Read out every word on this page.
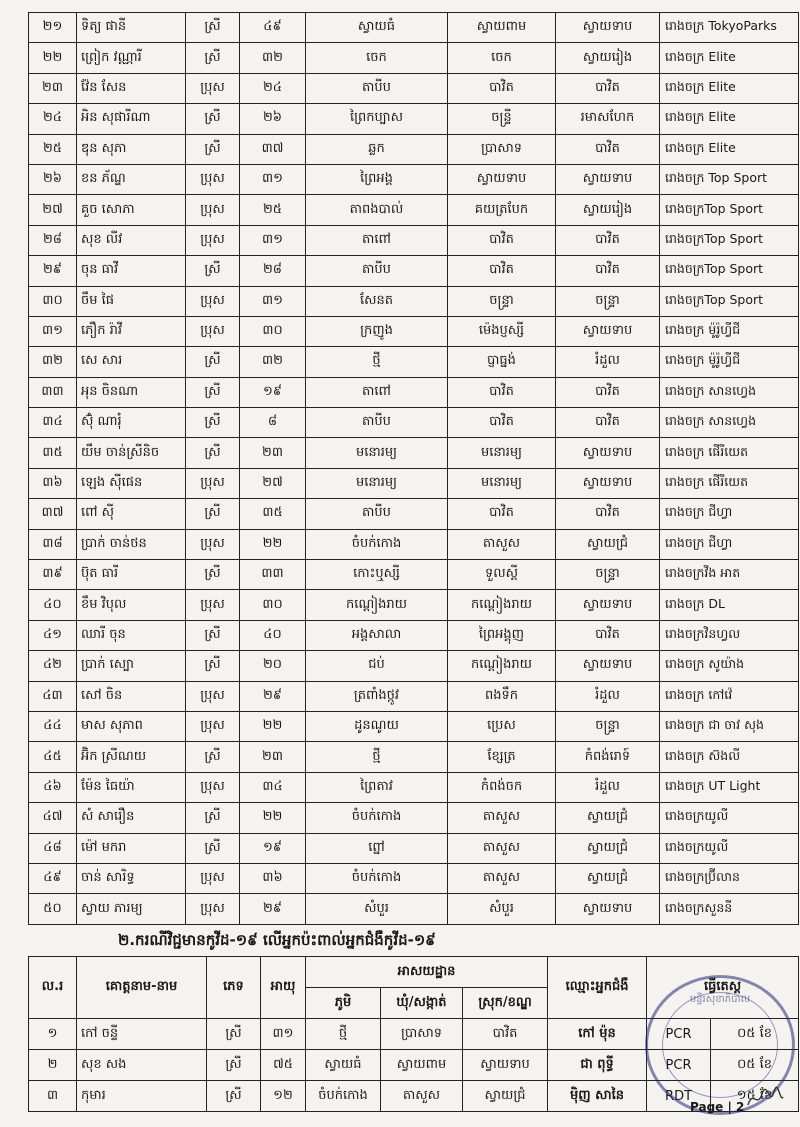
២១	ទិត្យ ផានី	ស្រី	៤៩	ស្វាយធំ	ស្វាយពាម	ស្វាយទាប	រោងចក្រ TokyoParks
២២	ព្រៀក វណ្ណារី	ស្រី	៣២	ចេក	ចេក	ស្វាយរៀង	រោងចក្រ Elite
២៣	វ៉ែន សែន	ប្រុស	២៤	តាបីប	បាវិត	បាវិត	រោងចក្រ Elite
២៤	អិន សុផារីណា	ស្រី	២៦	ព្រៃកប្បាស	ចន្ទ្រី	រមាសហែក	រោងចក្រ Elite
២៥	ឌុន សុភា	ស្រី	៣៧	ឆ្លក	ប្រាសាទ	បាវិត	រោងចក្រ Elite
២៦	ខន ភ័ណ្ឌ	ប្រុស	៣១	ព្រៃអង្គ	ស្វាយទាប	ស្វាយទាប	រោងចក្រ Top Sport
២៧	គួច សោភា	ប្រុស	២៥	តាពងបាល់	គយត្របែក	ស្វាយរៀង	រោងចក្រTop Sport
២៨	សុខ លីវ	ប្រុស	៣១	តាពៅ	បាវិត	បាវិត	រោងចក្រTop Sport
២៩	ចុន ធាវី	ស្រី	២៨	តាបីប	បាវិត	បាវិត	រោងចក្រTop Sport
៣០	ចឹម ផៃ	ប្រុស	៣១	សែនត	ចន្ទ្រា	ចន្ទ្រា	រោងចក្រTop Sport
៣១	ភឿក រ៉ាវី	ប្រុស	៣០	ក្រញូង	ម៉េងប្ញស្សី	ស្វាយទាប	រោងចក្រ ម៉ូរ៉ូហ្វីជី
៣២	សេ សារ	ស្រី	៣២	ថ្មី	ប្ញាធ្នង់	រំដួល	រោងចក្រ ម៉ូរ៉ូហ្វីជី
៣៣	អុន ចិនណា	ស្រី	១៩	តាពៅ	បាវិត	បាវិត	រោងចក្រ សានហ្វេង
៣៤	ស៊ុំ ណារុំ	ស្រី	៨	តាបីប	បាវិត	បាវិត	រោងចក្រ សានហ្វេង
៣៥	យឹម ចាន់ស្រីនិច	ស្រី	២៣	មនោរម្យ	មនោរម្យ	ស្វាយទាប	រោងចក្រ ផើរីយេត
៣៦	ឡេង ស៊ីផេន	ប្រុស	២៧	មនោរម្យ	មនោរម្យ	ស្វាយទាប	រោងចក្រ ផើរីយេត
៣៧	ពៅ ស៊ី	ស្រី	៣៥	តាបីប	បាវិត	បាវិត	រោងចក្រ ជីហ្វា
៣៨	ប្រាក់ ចាន់ថន	ប្រុស	២២	ចំបក់កោង	តាសួស	ស្វាយជ្រំ	រោងចក្រ ជីហ្វា
៣៩	ប៊ុត ធារី	ស្រី	៣៣	កោះឬស្សី	ទួលស្ដី	ចន្ទ្រា	រោងចក្រវីង អាត
៤០	ខឹម វិបុល	ប្រុស	៣០	កណ្ដៀងរាយ	កណ្ដៀងរាយ	ស្វាយទាប	រោងចក្រ DL
៤១	ឈារី ចុន	ស្រី	៤០	អង្គសាលា	ព្រៃអង្គុញ	បាវិត	រោងចក្រវិនហ្វល
៤២	ប្រាក់ ស្បោ	ស្រី	២០	ជប់	កណ្ដៀងរាយ	ស្វាយទាប	រោងចក្រ សូយ៉ាង
៤៣	សៅ ចិន	ប្រុស	២៩	ត្រពាំងថ្កូវ	ពងទឹក	រំដួល	រោងចក្រ កៅវ៉េ
៤៤	មាស សុភាព	ប្រុស	២២	ដូនណូយ	ប្រេស	ចន្ទ្រា	រោងចក្រ ជា ចាវ សុង
៤៥	អ៊ិក ស្រីណយ	ស្រី	២៣	ថ្មី	ខ្សែត្រ	កំពង់រោទ៍	រោងចក្រ ស៊ងលី
៤៦	ម៉ែន ធៃយ៉ា	ប្រុស	៣៤	ព្រៃតាវ	កំពង់ចក	រំដួល	រោងចក្រ UT Light
៤៧	សំ សារឿន	ស្រី	២២	ចំបក់កោង	តាសួស	ស្វាយជ្រំ	រោងចក្រយូលី
៤៨	ម៉ៅ មករា	ស្រី	១៩	ព្នៅ	តាសួស	ស្វាយជ្រំ	រោងចក្រយូលី
៤៩	ចាន់ សារិទ្ធ	ប្រុស	៣៦	ចំបក់កោង	តាសួស	ស្វាយជ្រំ	រោងចក្រប្រ៊ីលាន
៥០	ស្វាយ ភារម្យ	ប្រុស	២៩	សំបួរ	សំបួរ	ស្វាយទាប	រោងចក្រសួននី
២.ករណីវិជ្ជមានកូវីដ-១៩ លើអ្នកប៉ះពាល់អ្នកជំងឺកូវីដ-១៩
ល.រ	គោត្តនាម-នាម	ភេទ	អាយុ	អាសយដ្ឋាន			ឈ្មោះអ្នកជំងឺ	ធ្វើតេស្ត	
				ភូមិ	ឃុំ/សង្កាត់	ស្រុក/ខណ្ឌ			
១	កៅ ចន្ទី	ស្រី	៣១	ថ្មី	ប្រាសាទ	បាវិត	កៅ ម៉ុន	PCR	០៥ ខែ
២	សុខ សង	ស្រី	៧៥	ស្វាយធំ	ស្វាយពាម	ស្វាយទាប	ជា ពុទ្ធី	PCR	០៥ ខែ
៣	កុមារ	ស្រី	១២	ចំបក់កោង	តាសួស	ស្វាយជ្រំ	ម៉ិញ សានៃ	RDT	១៥ ខែ
មន្ទីរសុខាភិបាល
Page | 2
